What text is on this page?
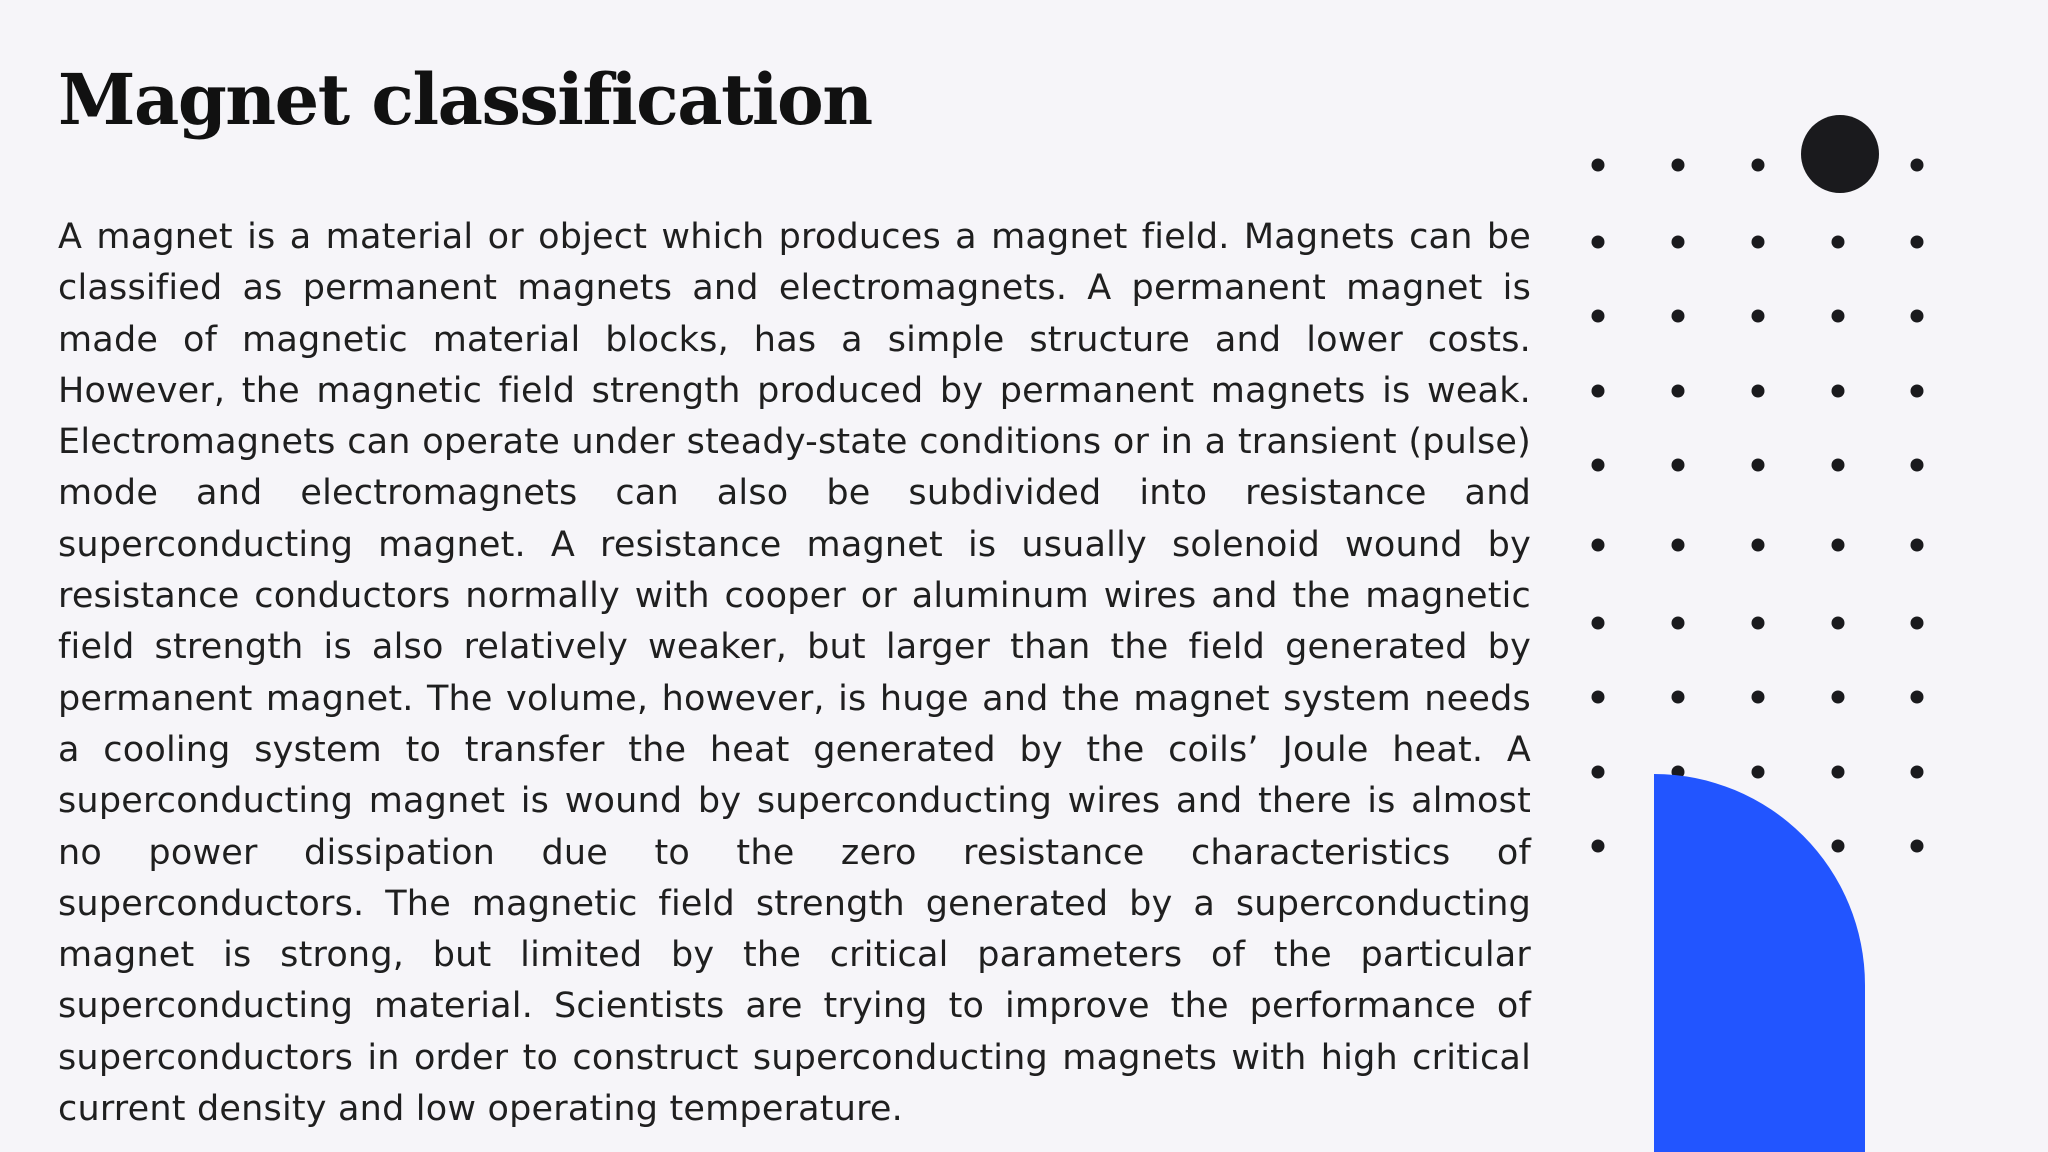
Magnet classification

A magnet is a material or object which produces a magnet field. Magnets can be classified as permanent magnets and electromagnets. A permanent magnet is made of magnetic material blocks, has a simple structure and lower costs. However, the magnetic field strength produced by permanent magnets is weak. Electromagnets can operate under steady-state conditions or in a transient (pulse) mode and electromagnets can also be subdivided into resistance and superconducting magnet. A resistance magnet is usually solenoid wound by resistance conductors normally with cooper or aluminum wires and the magnetic field strength is also relatively weaker, but larger than the field generated by permanent magnet. The volume, however, is huge and the magnet system needs a cooling system to transfer the heat generated by the coils’ Joule heat. A superconducting magnet is wound by superconducting wires and there is almost no power dissipation due to the zero resistance characteristics of superconductors. The magnetic field strength generated by a superconducting magnet is strong, but limited by the critical parameters of the particular superconducting material. Scientists are trying to improve the performance of superconductors in order to construct superconducting magnets with high critical current density and low operating temperature.
